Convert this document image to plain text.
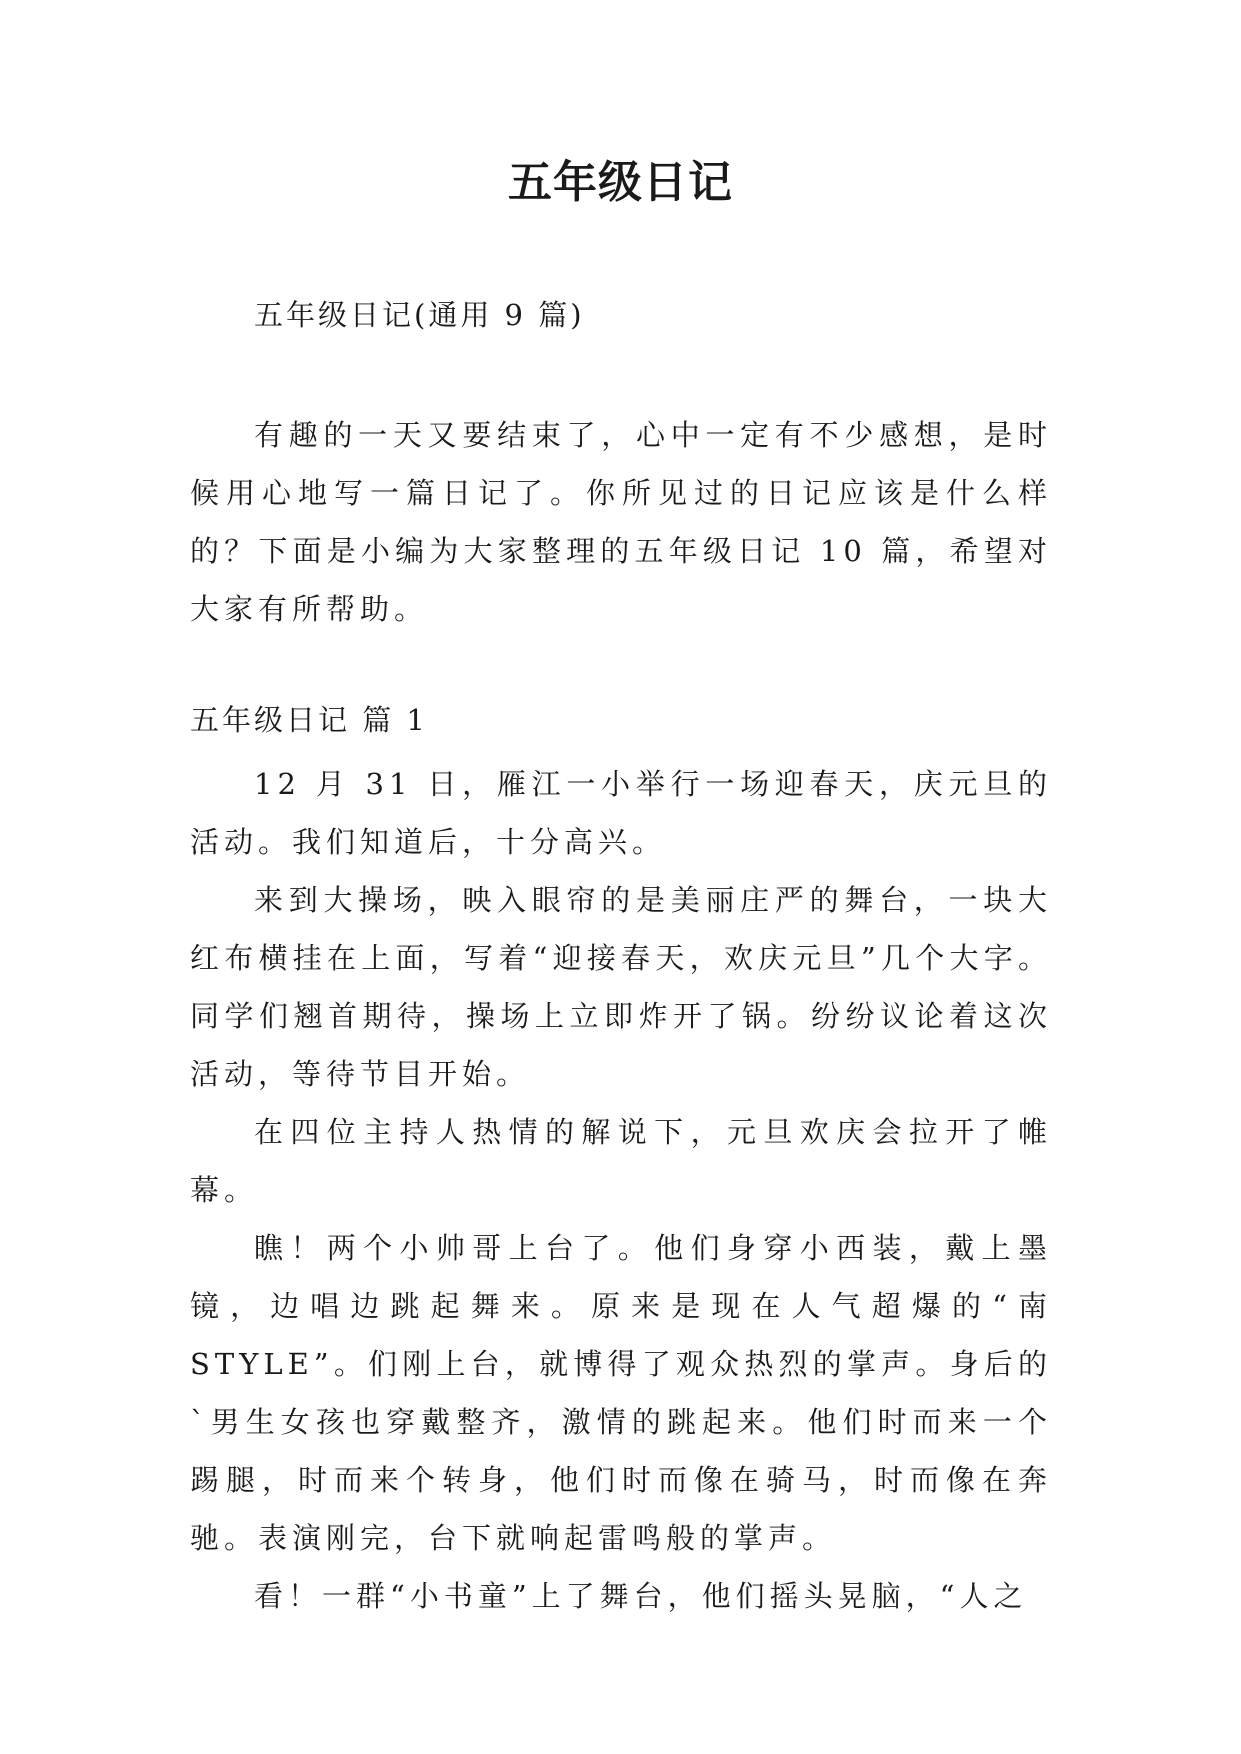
五年级日记
五年级日记(通用 9 篇)
有趣的一天又要结束了，心中一定有不少感想，是时候用心地写一篇日记了。你所见过的日记应该是什么样的？下面是小编为大家整理的五年级日记 10 篇，希望对大家有所帮助。
五年级日记 篇 1

12 月 31 日，雁江一小举行一场迎春天，庆元旦的活动。我们知道后，十分高兴。

来到大操场，映入眼帘的是美丽庄严的舞台，一块大红布横挂在上面，写着“迎接春天，欢庆元旦”几个大字。同学们翘首期待，操场上立即炸开了锅。纷纷议论着这次活动，等待节目开始。

在四位主持人热情的解说下，元旦欢庆会拉开了帷幕。

瞧！两个小帅哥上台了。他们身穿小西装，戴上墨镜，边唱边跳起舞来。原来是现在人气超爆的“南 STYLE”。们刚上台，就博得了观众热烈的掌声。身后的`男生女孩也穿戴整齐，激情的跳起来。他们时而来一个踢腿，时而来个转身，他们时而像在骑马，时而像在奔驰。表演刚完，台下就响起雷鸣般的掌声。

看！一群“小书童”上了舞台，他们摇头晃脑，“人之
